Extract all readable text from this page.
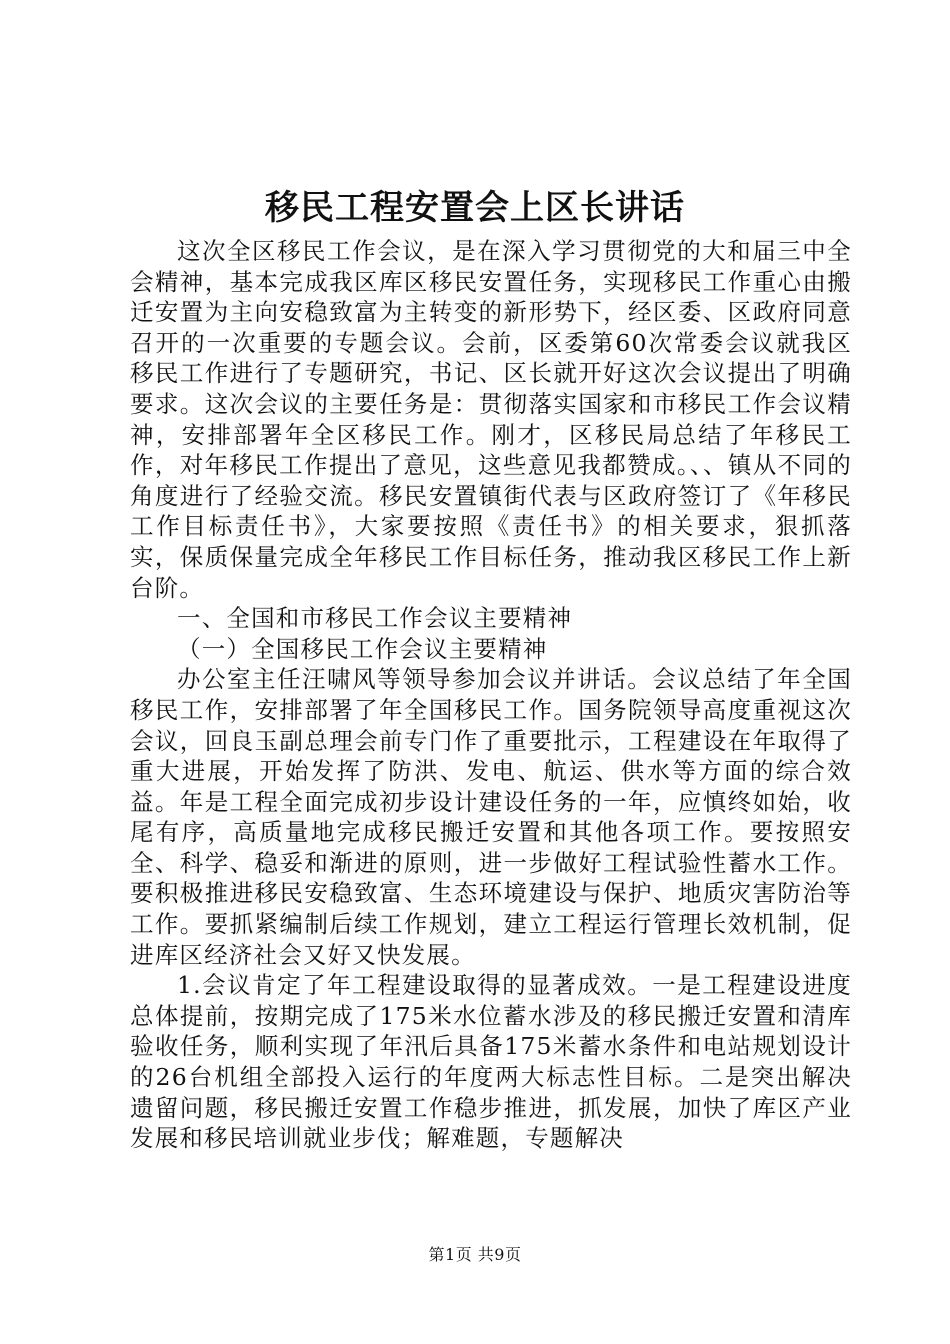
移民工程安置会上区长讲话

这次全区移民工作会议，是在深入学习贯彻党的大和届三中全会精神，基本完成我区库区移民安置任务，实现移民工作重心由搬迁安置为主向安稳致富为主转变的新形势下，经区委、区政府同意召开的一次重要的专题会议。会前，区委第60次常委会议就我区移民工作进行了专题研究，书记、区长就开好这次会议提出了明确要求。这次会议的主要任务是：贯彻落实国家和市移民工作会议精神，安排部署年全区移民工作。刚才，区移民局总结了年移民工作，对年移民工作提出了意见，这些意见我都赞成。、、镇从不同的角度进行了经验交流。移民安置镇街代表与区政府签订了《年移民工作目标责任书》，大家要按照《责任书》的相关要求，狠抓落实，保质保量完成全年移民工作目标任务，推动我区移民工作上新台阶。

一、全国和市移民工作会议主要精神

（一）全国移民工作会议主要精神

办公室主任汪啸风等领导参加会议并讲话。会议总结了年全国移民工作，安排部署了年全国移民工作。国务院领导高度重视这次会议，回良玉副总理会前专门作了重要批示，工程建设在年取得了重大进展，开始发挥了防洪、发电、航运、供水等方面的综合效益。年是工程全面完成初步设计建设任务的一年，应慎终如始，收尾有序，高质量地完成移民搬迁安置和其他各项工作。要按照安全、科学、稳妥和渐进的原则，进一步做好工程试验性蓄水工作。要积极推进移民安稳致富、生态环境建设与保护、地质灾害防治等工作。要抓紧编制后续工作规划，建立工程运行管理长效机制，促进库区经济社会又好又快发展。

1.会议肯定了年工程建设取得的显著成效。一是工程建设进度总体提前，按期完成了175米水位蓄水涉及的移民搬迁安置和清库验收任务，顺利实现了年汛后具备175米蓄水条件和电站规划设计的26台机组全部投入运行的年度两大标志性目标。二是突出解决遗留问题，移民搬迁安置工作稳步推进，抓发展，加快了库区产业发展和移民培训就业步伐；解难题，专题解决

第1页 共9页
